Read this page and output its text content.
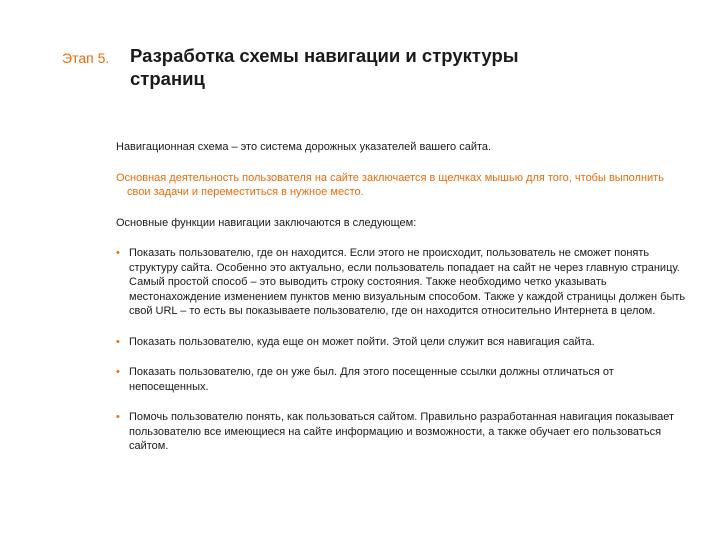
Этап 5. Разработка схемы навигации и структуры
страниц

Навигационная схема – это система дорожных указателей вашего сайта.

Основная деятельность пользователя на сайте заключается в щелчках мышью для того, чтобы выполнить свои задачи и переместиться в нужное место.

Основные функции навигации заключаются в следующем:

• Показать пользователю, где он находится. Если этого не происходит, пользователь не сможет понять структуру сайта. Особенно это актуально, если пользователь попадает на сайт не через главную страницу. Самый простой способ – это выводить строку состояния. Также необходимо четко указывать местонахождение изменением пунктов меню визуальным способом. Также у каждой страницы должен быть свой URL – то есть вы показываете пользователю, где он находится относительно Интернета в целом.
• Показать пользователю, куда еще он может пойти. Этой цели служит вся навигация сайта.
• Показать пользователю, где он уже был. Для этого посещенные ссылки должны отличаться от непосещенных.
• Помочь пользователю понять, как пользоваться сайтом. Правильно разработанная навигация показывает пользователю все имеющиеся на сайте информацию и возможности, а также обучает его пользоваться сайтом.
